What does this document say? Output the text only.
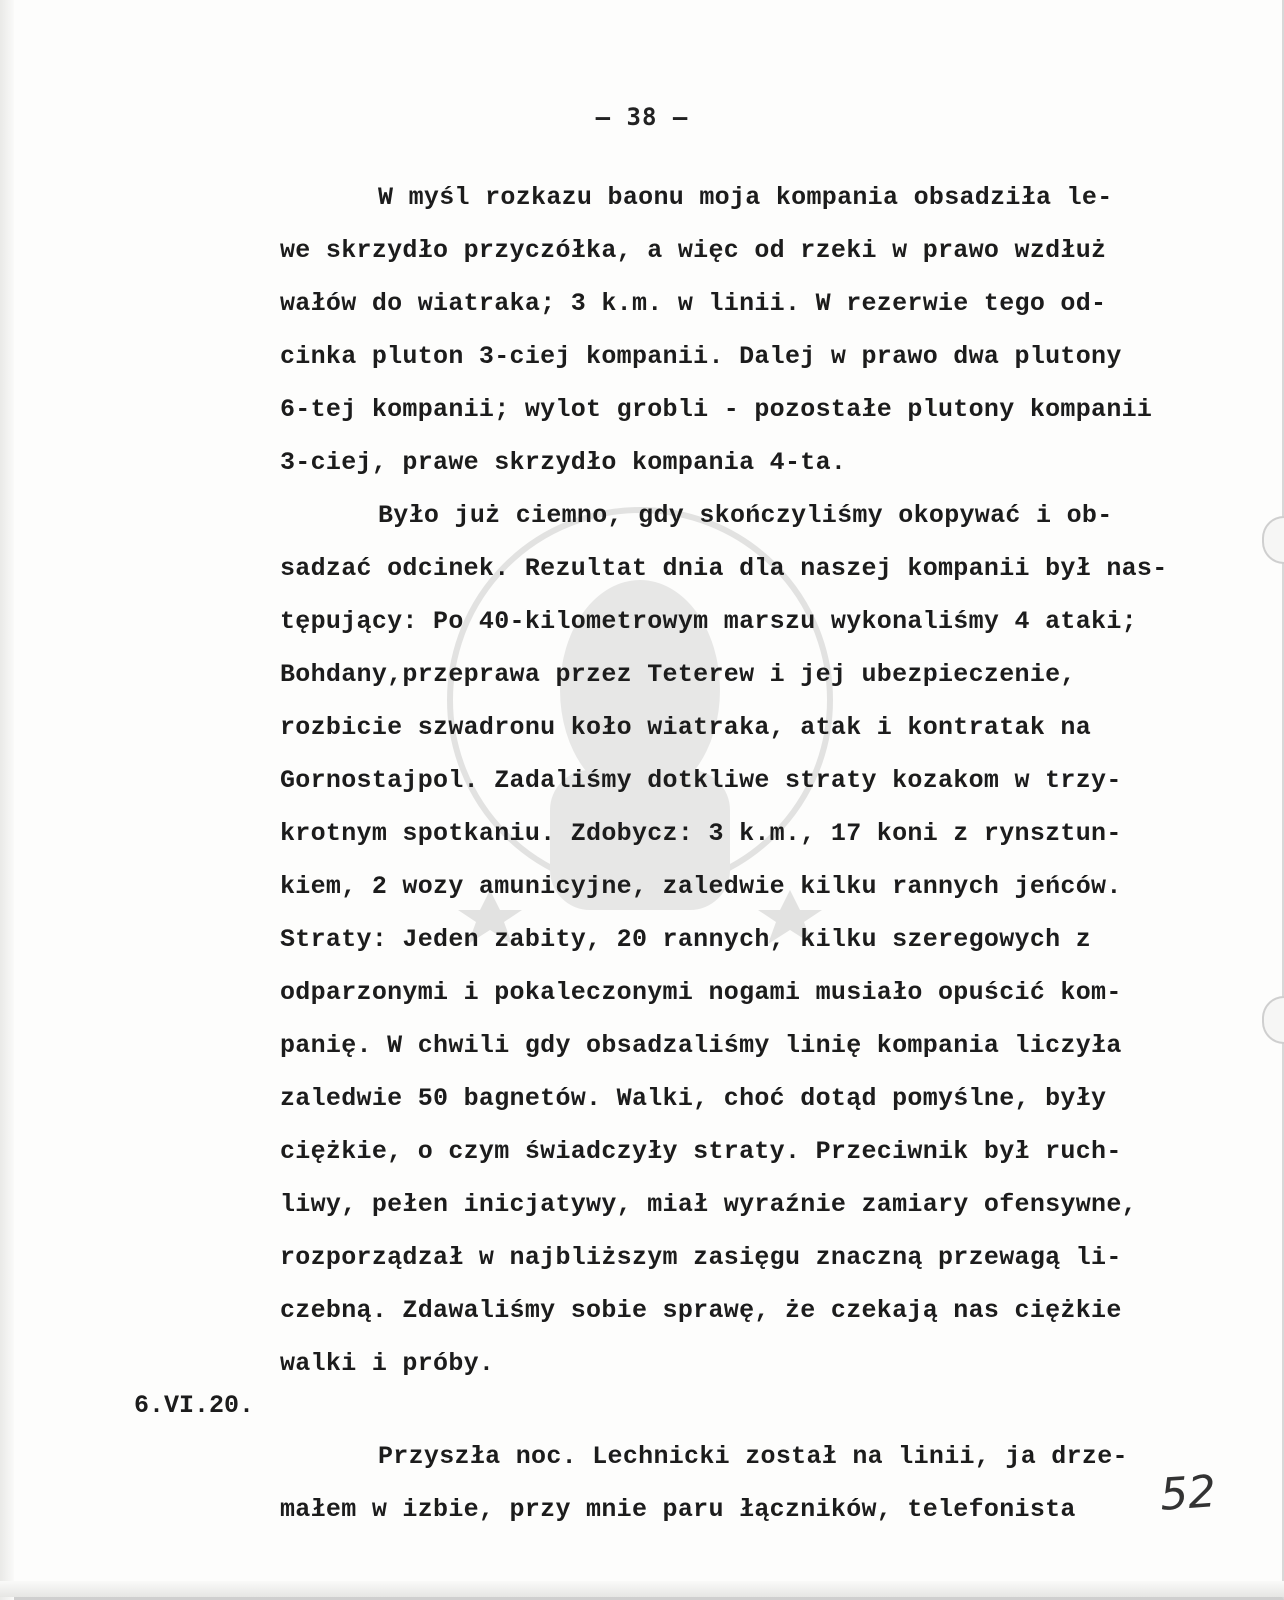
– 38 –
W myśl rozkazu baonu moja kompania obsadziła le-
we skrzydło przyczółka, a więc od rzeki w prawo wzdłuż
wałów do wiatraka; 3 k.m. w linii. W rezerwie tego od-
cinka pluton 3-ciej kompanii. Dalej w prawo dwa plutony
6-tej kompanii; wylot grobli - pozostałe plutony kompanii
3-ciej, prawe skrzydło kompania 4-ta.
Było już ciemno, gdy skończyliśmy okopywać i ob-
sadzać odcinek. Rezultat dnia dla naszej kompanii był nas-
tępujący: Po 40-kilometrowym marszu wykonaliśmy 4 ataki;
Bohdany,przeprawa przez Teterew i jej ubezpieczenie,
rozbicie szwadronu koło wiatraka, atak i kontratak na
Gornostajpol. Zadaliśmy dotkliwe straty kozakom w trzy-
krotnym spotkaniu. Zdobycz: 3 k.m., 17 koni z rynsztun-
kiem, 2 wozy amunicyjne, zaledwie kilku rannych jeńców.
Straty: Jeden zabity, 20 rannych, kilku szeregowych z
odparzonymi i pokaleczonymi nogami musiało opuścić kom-
panię. W chwili gdy obsadzaliśmy linię kompania liczyła
zaledwie 50 bagnetów. Walki, choć dotąd pomyślne, były
ciężkie, o czym świadczyły straty. Przeciwnik był ruch-
liwy, pełen inicjatywy, miał wyraźnie zamiary ofensywne,
rozporządzał w najbliższym zasięgu znaczną przewagą li-
czebną. Zdawaliśmy sobie sprawę, że czekają nas ciężkie
walki i próby.
6.VI.20.
Przyszła noc. Lechnicki został na linii, ja drze-
małem w izbie, przy mnie paru łączników, telefonista 52
